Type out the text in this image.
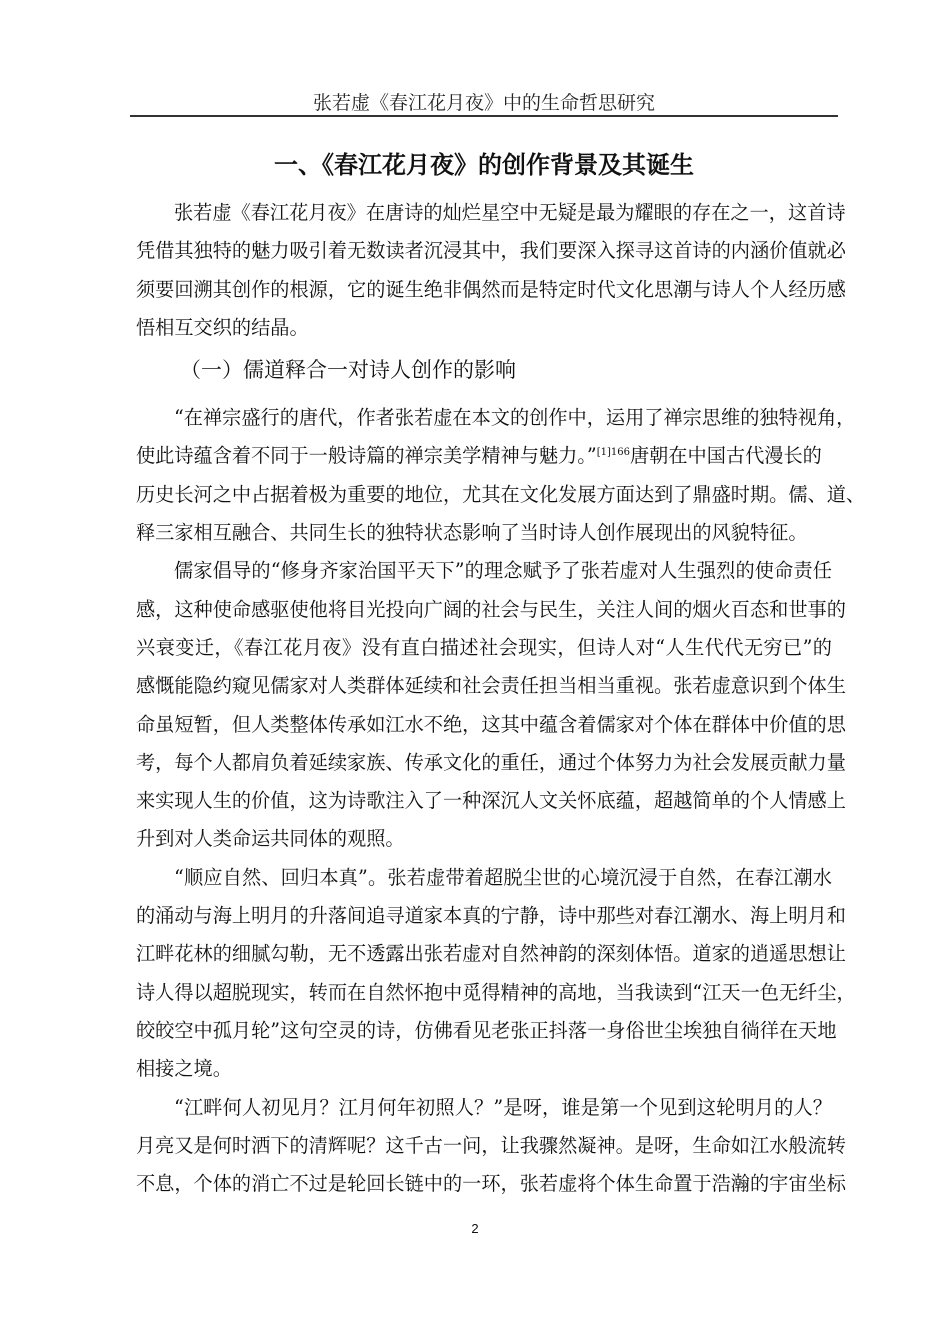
张若虚《春江花月夜》中的生命哲思研究
一、《春江花月夜》的创作背景及其诞生
张若虚《春江花月夜》在唐诗的灿烂星空中无疑是最为耀眼的存在之一，这首诗
凭借其独特的魅力吸引着无数读者沉浸其中，我们要深入探寻这首诗的内涵价值就必
须要回溯其创作的根源，它的诞生绝非偶然而是特定时代文化思潮与诗人个人经历感
悟相互交织的结晶。
（一）儒道释合一对诗人创作的影响
“在禅宗盛行的唐代，作者张若虚在本文的创作中，运用了禅宗思维的独特视角，
使此诗蕴含着不同于一般诗篇的禅宗美学精神与魅力。”$^{[1]166}$唐朝在中国古代漫长的
历史长河之中占据着极为重要的地位，尤其在文化发展方面达到了鼎盛时期。儒、道、
释三家相互融合、共同生长的独特状态影响了当时诗人创作展现出的风貌特征。
儒家倡导的“修身齐家治国平天下”的理念赋予了张若虚对人生强烈的使命责任
感，这种使命感驱使他将目光投向广阔的社会与民生，关注人间的烟火百态和世事的
兴衰变迁，《春江花月夜》没有直白描述社会现实，但诗人对“人生代代无穷已”的
感慨能隐约窥见儒家对人类群体延续和社会责任担当相当重视。张若虚意识到个体生
命虽短暂，但人类整体传承如江水不绝，这其中蕴含着儒家对个体在群体中价值的思
考，每个人都肩负着延续家族、传承文化的重任，通过个体努力为社会发展贡献力量
来实现人生的价值，这为诗歌注入了一种深沉人文关怀底蕴，超越简单的个人情感上
升到对人类命运共同体的观照。
“顺应自然、回归本真”。张若虚带着超脱尘世的心境沉浸于自然，在春江潮水
的涌动与海上明月的升落间追寻道家本真的宁静，诗中那些对春江潮水、海上明月和
江畔花林的细腻勾勒，无不透露出张若虚对自然神韵的深刻体悟。道家的逍遥思想让
诗人得以超脱现实，转而在自然怀抱中觅得精神的高地，当我读到“江天一色无纤尘，
皎皎空中孤月轮”这句空灵的诗，仿佛看见老张正抖落一身俗世尘埃独自徜徉在天地
相接之境。
“江畔何人初见月？江月何年初照人？”是呀，谁是第一个见到这轮明月的人？
月亮又是何时洒下的清辉呢？这千古一问，让我骤然凝神。是呀，生命如江水般流转
不息，个体的消亡不过是轮回长链中的一环，张若虚将个体生命置于浩瀚的宇宙坐标
2
